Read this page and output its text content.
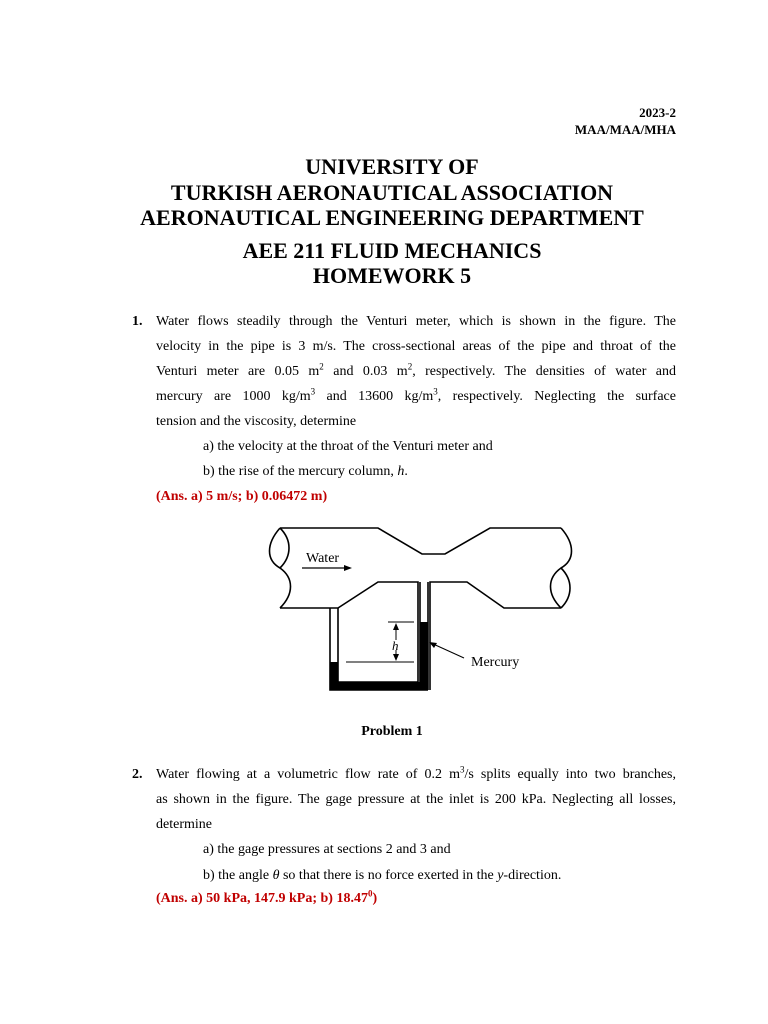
2023-2
MAA/MAA/MHA
UNIVERSITY OF
TURKISH AERONAUTICAL ASSOCIATION
AERONAUTICAL ENGINEERING DEPARTMENT
AEE 211 FLUID MECHANICS
HOMEWORK 5
1. Water flows steadily through the Venturi meter, which is shown in the figure. The
velocity in the pipe is 3 m/s. The cross-sectional areas of the pipe and throat of the
Venturi meter are 0.05 $m^2$ and 0.03 $m^2$, respectively. The densities of water and
mercury are 1000 $kg/m^3$ and 13600 $kg/m^3$, respectively. Neglecting the surface
tension and the viscosity, determine
a) the velocity at the throat of the Venturi meter and
b) the rise of the mercury column, h.
(Ans. a) 5 m/s; b) 0.06472 m)
Water
Mercury
h
Problem 1
2. Water flowing at a volumetric flow rate of 0.2 $m^3/s$ splits equally into two branches,
as shown in the figure. The gage pressure at the inlet is 200 kPa. Neglecting all losses,
determine
a) the gage pressures at sections 2 and 3 and
b) the angle θ so that there is no force exerted in the y-direction.
(Ans. a) 50 kPa, 147.9 kPa; b) 18.47$^0$)
